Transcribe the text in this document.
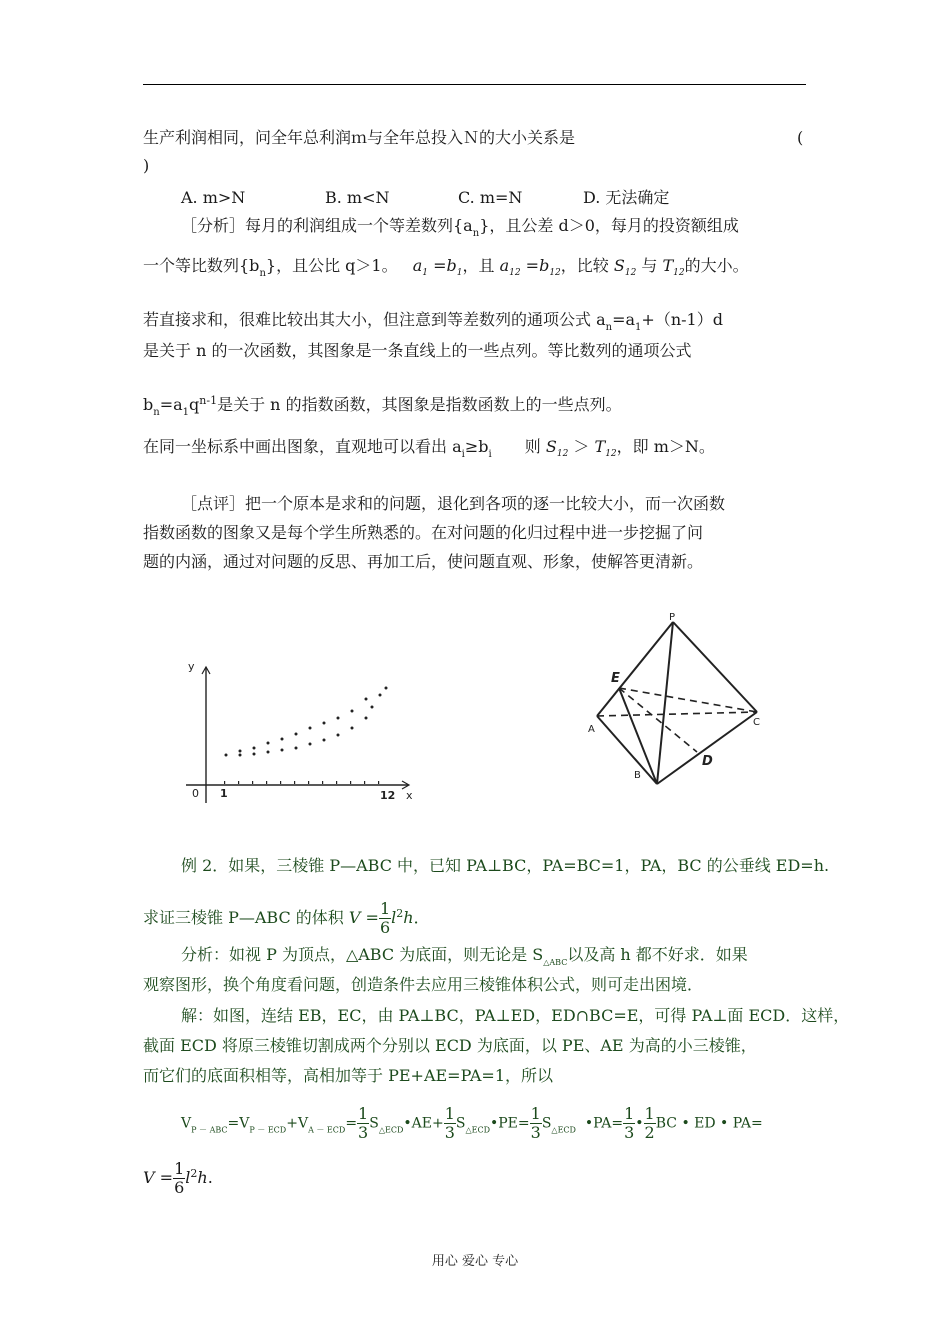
生产利润相同，问全年总利润ｍ与全年总投入Ｎ的大小关系是	(
)
A. m>N	B. m<N	C. m=N	D. 无法确定
［分析］每月的利润组成一个等差数列$\{a_n\}$，且公差 d＞0，每月的投资额组成
一个等比数列$\{b_n\}$，且公比 q＞1。 $a_1 =b_1$，且 $a_{12} =b_{12}$，比较 $S_{12}$ 与 $T_{12}$的大小。
若直接求和，很难比较出其大小，但注意到等差数列的通项公式 $a_n=a_1+(n-1)d$
是关于 n 的一次函数，其图象是一条直线上的一些点列。等比数列的通项公式
$b_n=a_1q^{n-1}$是关于 n 的指数函数，其图象是指数函数上的一些点列。
在同一坐标系中画出图象，直观地可以看出 $a_i\ge b_i$ 则 $S_{12} > T_{12}$，即 m＞N。
［点评］把一个原本是求和的问题，退化到各项的逐一比较大小，而一次函数
指数函数的图象又是每个学生所熟悉的。在对问题的化归过程中进一步挖掘了问
题的内涵，通过对问题的反思、再加工后，使问题直观、形象，使解答更清新。
y
x
0 1	12
P
E
A
B
C
D
例 2．如果，三棱锥 P—ABC 中，已知 PA⊥BC，PA=BC=1，PA，BC 的公垂线 ED=h.
求证三棱锥 P—ABC 的体积 $V = \frac{1}{6} l^2h$．
分析：如视 P 为顶点，△ABC 为底面，则无论是 $S_{\triangle ABC}$以及高 h 都不好求．如果
观察图形，换个角度看问题，创造条件去应用三棱锥体积公式，则可走出困境．
解：如图，连结 EB，EC，由 PA⊥BC，PA⊥ED，ED∩BC=E，可得 PA⊥面 ECD．这样，
截面 ECD 将原三棱锥切割成两个分别以 ECD 为底面，以 PE、AE 为高的小三棱锥，
而它们的底面积相等，高相加等于 PE+AE=PA=1，所以
$V_{P - ABC}=V_{P - ECD}+V_{A - ECD}= \frac{1}{3}$ $S_{\triangle ECD}•AE+ \frac{1}{3}$ $S_{\triangle ECD}•PE= \frac{1}{3} S_{\triangle ECD}$ •PA= $\frac{1}{3}$ • $\frac{1}{2}$ BC • ED • PA=
$V = \frac{1}{6} l^2h$.
用心 爱心 专心
